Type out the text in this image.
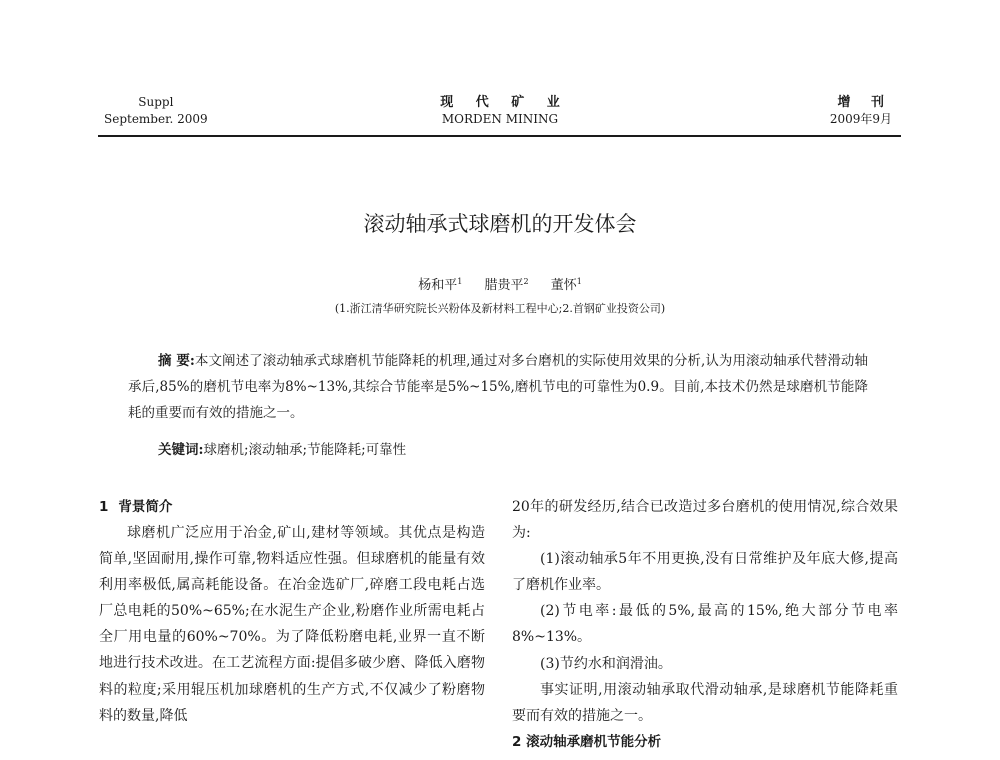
Suppl
September. 2009
现 代 矿 业
MORDEN MINING
增 刊
2009年9月
滚动轴承式球磨机的开发体会
杨和平$^1$ 腊贵平$^2$ 董怀$^1$
(1.浙江清华研究院长兴粉体及新材料工程中心;2.首钢矿业投资公司)
摘 要:本文阐述了滚动轴承式球磨机节能降耗的机理,通过对多台磨机的实际使用效果的分析,认为用滚动轴承代替滑动轴承后,85%的磨机节电率为8%~13%,其综合节能率是5%~15%,磨机节电的可靠性为0.9。目前,本技术仍然是球磨机节能降耗的重要而有效的措施之一。
关键词:球磨机;滚动轴承;节能降耗;可靠性
1 背景简介

球磨机广泛应用于冶金,矿山,建材等领域。其优点是构造简单,坚固耐用,操作可靠,物料适应性强。但球磨机的能量有效利用率极低,属高耗能设备。在冶金选矿厂,碎磨工段电耗占选厂总电耗的50%~65%;在水泥生产企业,粉磨作业所需电耗占全厂用电量的60%~70%。为了降低粉磨电耗,业界一直不断地进行技术改进。在工艺流程方面:提倡多破少磨、降低入磨物料的粒度;采用辊压机加球磨机的生产方式,不仅减少了粉磨物料的数量,降低

20年的研发经历,结合已改造过多台磨机的使用情况,综合效果为:

(1)滚动轴承5年不用更换,没有日常维护及年底大修,提高了磨机作业率。

(2)节电率:最低的5%,最高的15%,绝大部分节电率8%~13%。

(3)节约水和润滑油。

事实证明,用滚动轴承取代滑动轴承,是球磨机节能降耗重要而有效的措施之一。

2 滚动轴承磨机节能分析
